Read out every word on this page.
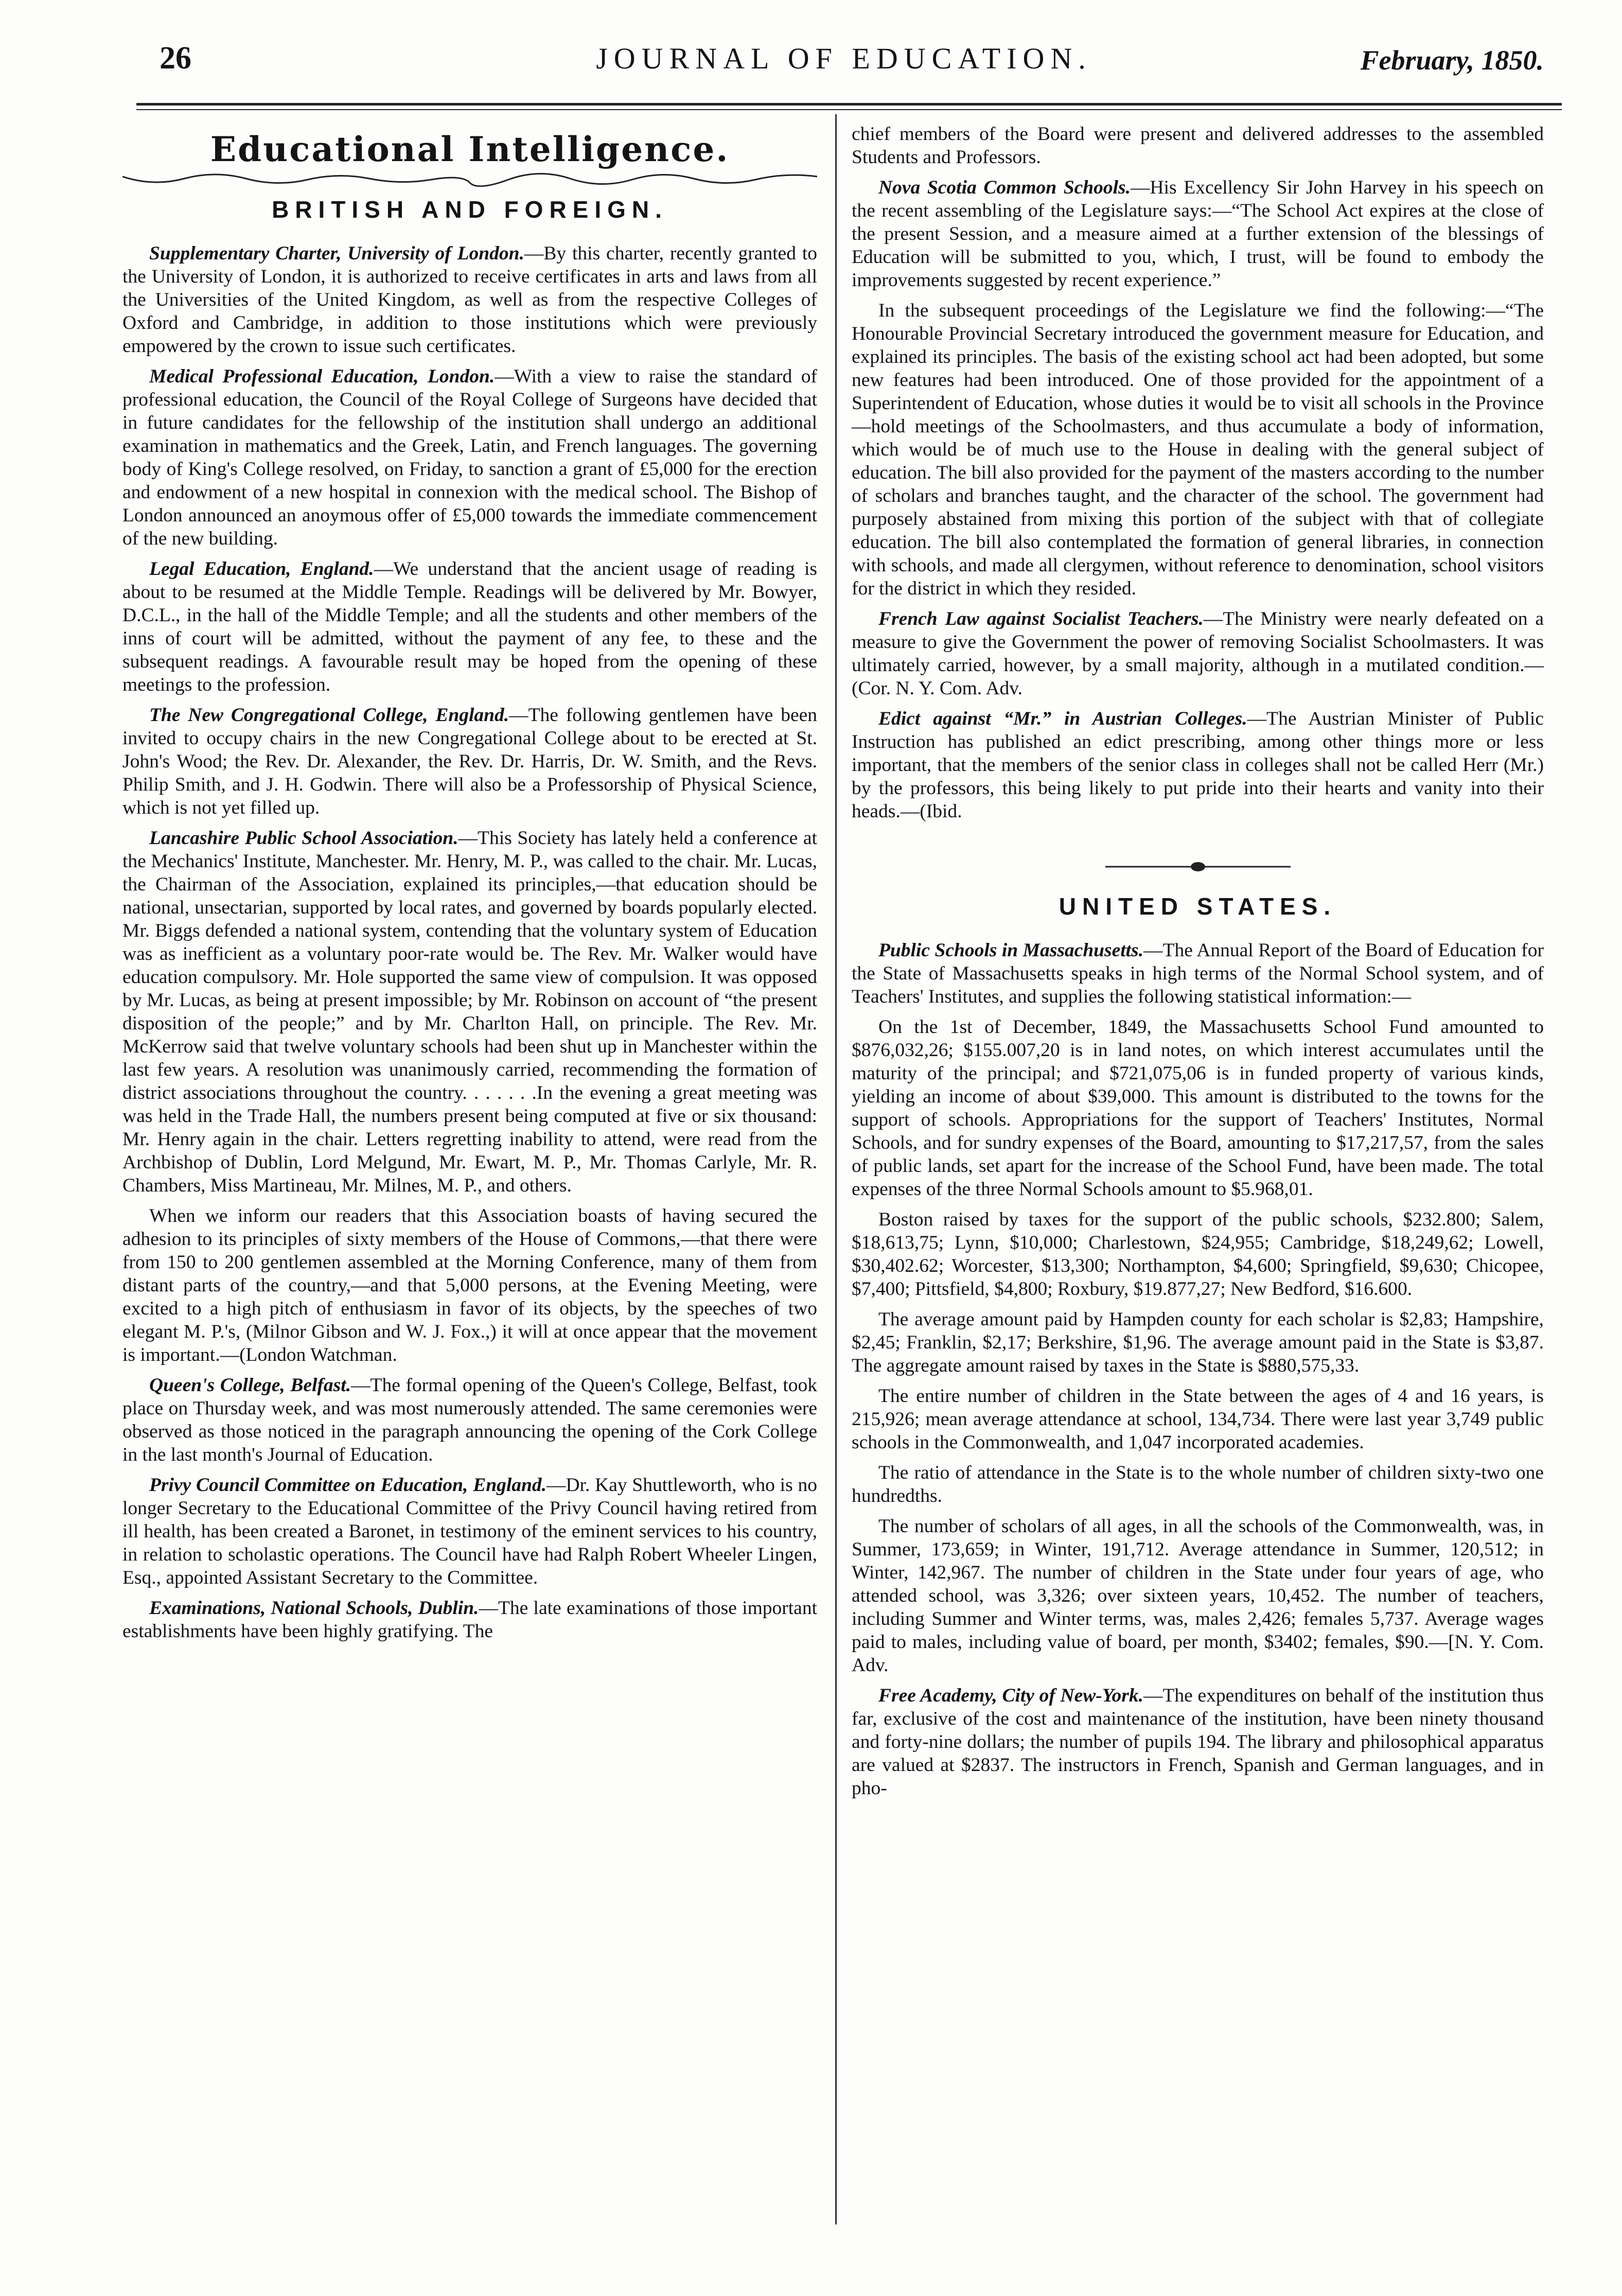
26	JOURNAL OF EDUCATION.	February, 1850.
Educational Intelligence.
BRITISH AND FOREIGN.

Supplementary Charter, University of London.—By this charter, recently granted to the University of London, it is authorized to receive certificates in arts and laws from all the Universities of the United Kingdom, as well as from the respective Colleges of Oxford and Cambridge, in addition to those institutions which were previously empowered by the crown to issue such certificates.

Medical Professional Education, London.—With a view to raise the standard of professional education, the Council of the Royal College of Surgeons have decided that in future candidates for the fellowship of the institution shall undergo an additional examination in mathematics and the Greek, Latin, and French languages. The governing body of King's College resolved, on Friday, to sanction a grant of £5,000 for the erection and endowment of a new hospital in connexion with the medical school. The Bishop of London announced an anoymous offer of £5,000 towards the immediate commencement of the new building.

Legal Education, England.—We understand that the ancient usage of reading is about to be resumed at the Middle Temple. Readings will be delivered by Mr. Bowyer, D.C.L., in the hall of the Middle Temple; and all the students and other members of the inns of court will be admitted, without the payment of any fee, to these and the subsequent readings. A favourable result may be hoped from the opening of these meetings to the profession.

The New Congregational College, England.—The following gentlemen have been invited to occupy chairs in the new Congregational College about to be erected at St. John's Wood; the Rev. Dr. Alexander, the Rev. Dr. Harris, Dr. W. Smith, and the Revs. Philip Smith, and J. H. Godwin. There will also be a Professorship of Physical Science, which is not yet filled up.

Lancashire Public School Association.—This Society has lately held a conference at the Mechanics' Institute, Manchester. Mr. Henry, M. P., was called to the chair. Mr. Lucas, the Chairman of the Association, explained its principles,—that education should be national, unsectarian, supported by local rates, and governed by boards popularly elected. Mr. Biggs defended a national system, contending that the voluntary system of Education was as inefficient as a voluntary poor-rate would be. The Rev. Mr. Walker would have education compulsory. Mr. Hole supported the same view of compulsion. It was opposed by Mr. Lucas, as being at present impossible; by Mr. Robinson on account of “the present disposition of the people;” and by Mr. Charlton Hall, on principle. The Rev. Mr. McKerrow said that twelve voluntary schools had been shut up in Manchester within the last few years. A resolution was unanimously carried, recommending the formation of district associations throughout the country. . . . . . .In the evening a great meeting was was held in the Trade Hall, the numbers present being computed at five or six thousand: Mr. Henry again in the chair. Letters regretting inability to attend, were read from the Archbishop of Dublin, Lord Melgund, Mr. Ewart, M. P., Mr. Thomas Carlyle, Mr. R. Chambers, Miss Martineau, Mr. Milnes, M. P., and others.

When we inform our readers that this Association boasts of having secured the adhesion to its principles of sixty members of the House of Commons,—that there were from 150 to 200 gentlemen assembled at the Morning Conference, many of them from distant parts of the country,—and that 5,000 persons, at the Evening Meeting, were excited to a high pitch of enthusiasm in favor of its objects, by the speeches of two elegant M. P.'s, (Milnor Gibson and W. J. Fox.,) it will at once appear that the movement is important.—(London Watchman.

Queen's College, Belfast.—The formal opening of the Queen's College, Belfast, took place on Thursday week, and was most numerously attended. The same ceremonies were observed as those noticed in the paragraph announcing the opening of the Cork College in the last month's Journal of Education.

Privy Council Committee on Education, England.—Dr. Kay Shuttleworth, who is no longer Secretary to the Educational Committee of the Privy Council having retired from ill health, has been created a Baronet, in testimony of the eminent services to his country, in relation to scholastic operations. The Council have had Ralph Robert Wheeler Lingen, Esq., appointed Assistant Secretary to the Committee.

Examinations, National Schools, Dublin.—The late examinations of those important establishments have been highly gratifying. The

chief members of the Board were present and delivered addresses to the assembled Students and Professors.

Nova Scotia Common Schools.—His Excellency Sir John Harvey in his speech on the recent assembling of the Legislature says:—“The School Act expires at the close of the present Session, and a measure aimed at a further extension of the blessings of Education will be submitted to you, which, I trust, will be found to embody the improvements suggested by recent experience.”

In the subsequent proceedings of the Legislature we find the following:—“The Honourable Provincial Secretary introduced the government measure for Education, and explained its principles. The basis of the existing school act had been adopted, but some new features had been introduced. One of those provided for the appointment of a Superintendent of Education, whose duties it would be to visit all schools in the Province—hold meetings of the Schoolmasters, and thus accumulate a body of information, which would be of much use to the House in dealing with the general subject of education. The bill also provided for the payment of the masters according to the number of scholars and branches taught, and the character of the school. The government had purposely abstained from mixing this portion of the subject with that of collegiate education. The bill also contemplated the formation of general libraries, in connection with schools, and made all clergymen, without reference to denomination, school visitors for the district in which they resided.

French Law against Socialist Teachers.—The Ministry were nearly defeated on a measure to give the Government the power of removing Socialist Schoolmasters. It was ultimately carried, however, by a small majority, although in a mutilated condition.—(Cor. N. Y. Com. Adv.

Edict against “Mr.” in Austrian Colleges.—The Austrian Minister of Public Instruction has published an edict prescribing, among other things more or less important, that the members of the senior class in colleges shall not be called Herr (Mr.) by the professors, this being likely to put pride into their hearts and vanity into their heads.—(Ibid.

UNITED STATES.

Public Schools in Massachusetts.—The Annual Report of the Board of Education for the State of Massachusetts speaks in high terms of the Normal School system, and of Teachers' Institutes, and supplies the following statistical information:—

On the 1st of December, 1849, the Massachusetts School Fund amounted to $876,032,26; $155.007,20 is in land notes, on which interest accumulates until the maturity of the principal; and $721,075,06 is in funded property of various kinds, yielding an income of about $39,000. This amount is distributed to the towns for the support of schools. Appropriations for the support of Teachers' Institutes, Normal Schools, and for sundry expenses of the Board, amounting to $17,217,57, from the sales of public lands, set apart for the increase of the School Fund, have been made. The total expenses of the three Normal Schools amount to $5.968,01.

Boston raised by taxes for the support of the public schools, $232.800; Salem, $18,613,75; Lynn, $10,000; Charlestown, $24,955; Cambridge, $18,249,62; Lowell, $30,402.62; Worcester, $13,300; Northampton, $4,600; Springfield, $9,630; Chicopee, $7,400; Pittsfield, $4,800; Roxbury, $19.877,27; New Bedford, $16.600.

The average amount paid by Hampden county for each scholar is $2,83; Hampshire, $2,45; Franklin, $2,17; Berkshire, $1,96. The average amount paid in the State is $3,87. The aggregate amount raised by taxes in the State is $880,575,33.

The entire number of children in the State between the ages of 4 and 16 years, is 215,926; mean average attendance at school, 134,734. There were last year 3,749 public schools in the Commonwealth, and 1,047 incorporated academies.

The ratio of attendance in the State is to the whole number of children sixty-two one hundredths.

The number of scholars of all ages, in all the schools of the Commonwealth, was, in Summer, 173,659; in Winter, 191,712. Average attendance in Summer, 120,512; in Winter, 142,967. The number of children in the State under four years of age, who attended school, was 3,326; over sixteen years, 10,452. The number of teachers, including Summer and Winter terms, was, males 2,426; females 5,737. Average wages paid to males, including value of board, per month, $3402; females, $90.—[N. Y. Com. Adv.

Free Academy, City of New-York.—The expenditures on behalf of the institution thus far, exclusive of the cost and maintenance of the institution, have been ninety thousand and forty-nine dollars; the number of pupils 194. The library and philosophical apparatus are valued at $2837. The instructors in French, Spanish and German languages, and in pho-
